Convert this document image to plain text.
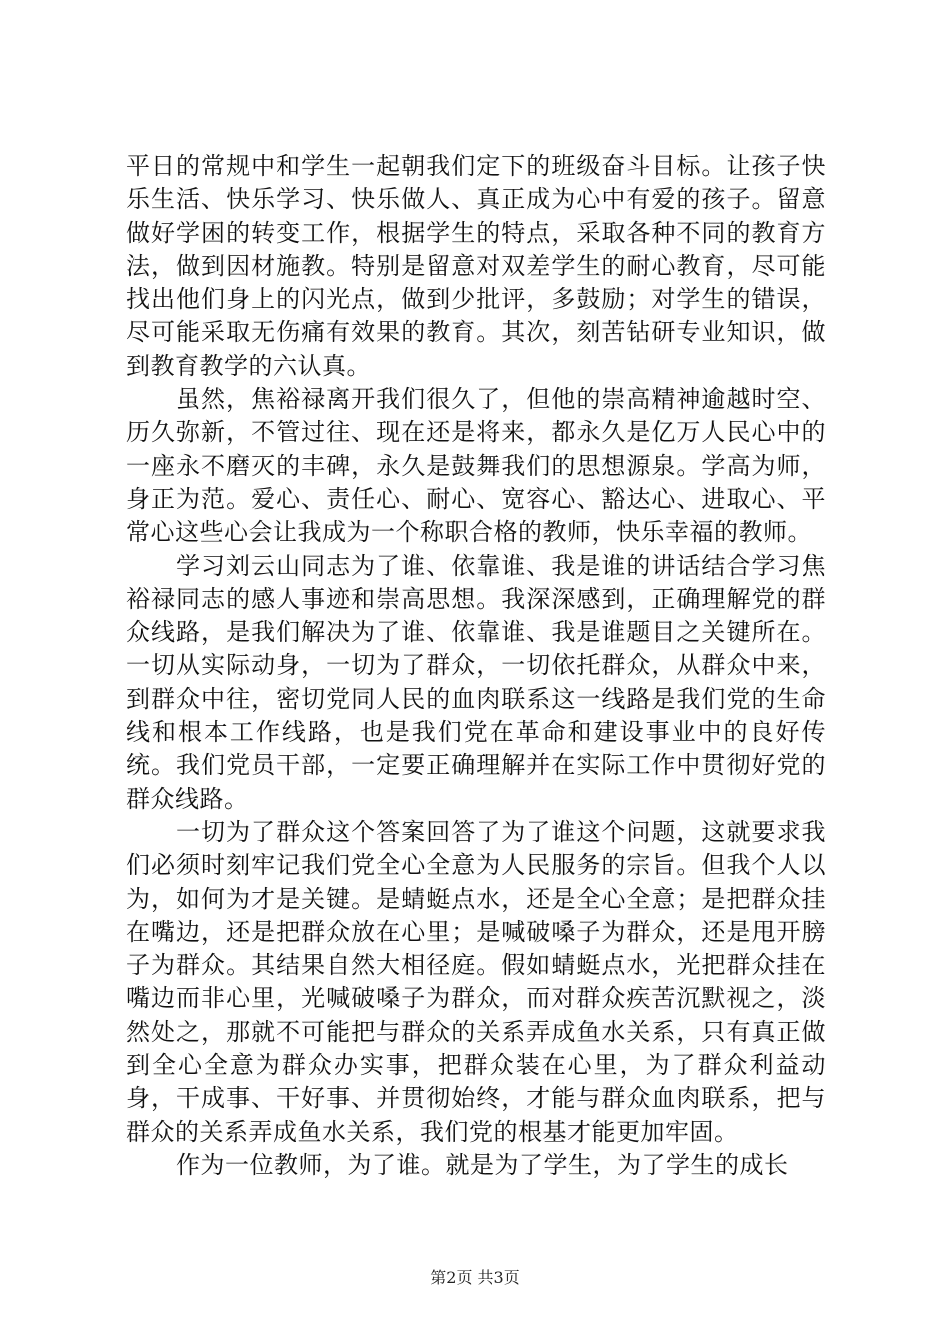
平日的常规中和学生一起朝我们定下的班级奋斗目标。让孩子快乐生活、快乐学习、快乐做人、真正成为心中有爱的孩子。留意做好学困的转变工作，根据学生的特点，采取各种不同的教育方法，做到因材施教。特别是留意对双差学生的耐心教育，尽可能找出他们身上的闪光点，做到少批评，多鼓励；对学生的错误，尽可能采取无伤痛有效果的教育。其次，刻苦钻研专业知识，做到教育教学的六认真。

虽然，焦裕禄离开我们很久了，但他的崇高精神逾越时空、历久弥新，不管过往、现在还是将来，都永久是亿万人民心中的一座永不磨灭的丰碑，永久是鼓舞我们的思想源泉。学高为师，身正为范。爱心、责任心、耐心、宽容心、豁达心、进取心、平常心这些心会让我成为一个称职合格的教师，快乐幸福的教师。

学习刘云山同志为了谁、依靠谁、我是谁的讲话结合学习焦裕禄同志的感人事迹和崇高思想。我深深感到，正确理解党的群众线路，是我们解决为了谁、依靠谁、我是谁题目之关键所在。一切从实际动身，一切为了群众，一切依托群众，从群众中来，到群众中往，密切党同人民的血肉联系这一线路是我们党的生命线和根本工作线路，也是我们党在革命和建设事业中的良好传统。我们党员干部，一定要正确理解并在实际工作中贯彻好党的群众线路。

一切为了群众这个答案回答了为了谁这个问题，这就要求我们必须时刻牢记我们党全心全意为人民服务的宗旨。但我个人以为，如何为才是关键。是蜻蜓点水，还是全心全意；是把群众挂在嘴边，还是把群众放在心里；是喊破嗓子为群众，还是甩开膀子为群众。其结果自然大相径庭。假如蜻蜓点水，光把群众挂在嘴边而非心里，光喊破嗓子为群众，而对群众疾苦沉默视之，淡然处之，那就不可能把与群众的关系弄成鱼水关系，只有真正做到全心全意为群众办实事，把群众装在心里，为了群众利益动身，干成事、干好事、并贯彻始终，才能与群众血肉联系，把与群众的关系弄成鱼水关系，我们党的根基才能更加牢固。

作为一位教师，为了谁。就是为了学生，为了学生的成长

第2页 共3页
